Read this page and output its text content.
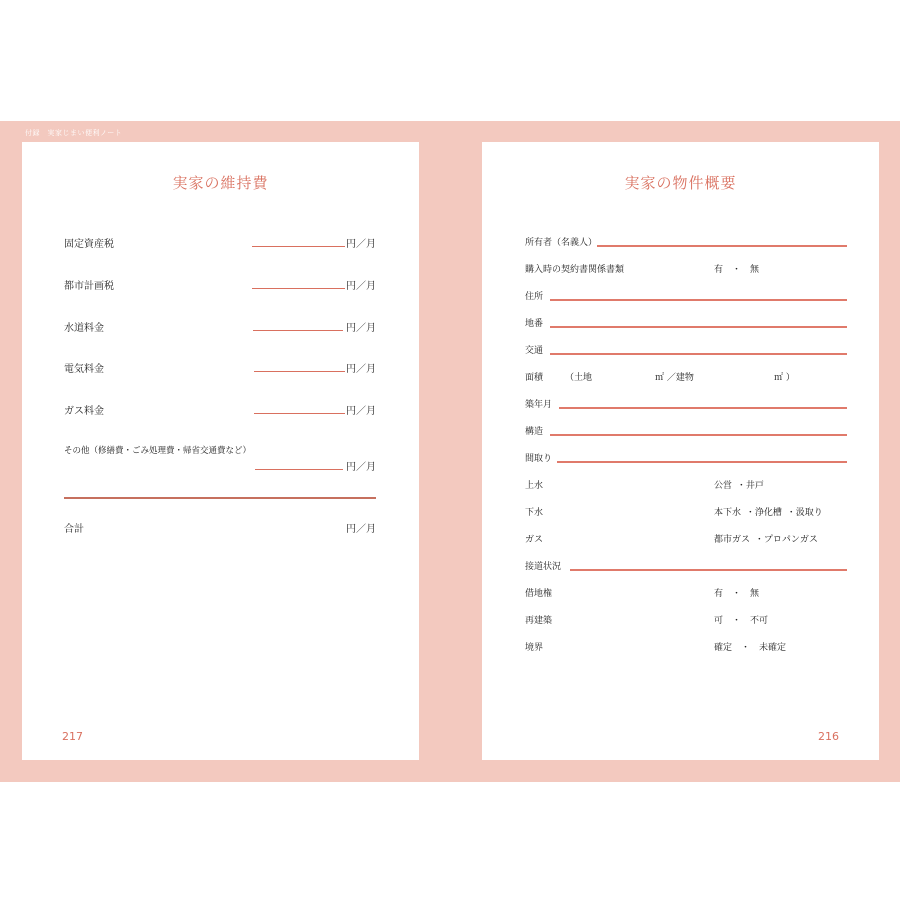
付録　実家じまい便利ノート
実家の維持費
固定資産税	円／月
都市計画税	円／月
水道料金	円／月
電気料金	円／月
ガス料金	円／月
その他（修繕費・ごみ処理費・帰省交通費など）
円／月
合計	円／月
217
実家の物件概要
所有者（名義人）
購入時の契約書関係書類	有　・　無
住所
地番
交通
面積 （土地	㎡ ／建物	㎡ ）
築年月
構造
間取り
上水	公営 ・井戸
下水	本下水 ・浄化槽 ・汲取り
ガス	都市ガス ・プロパンガス
接道状況
借地権	有　・　無
再建築	可　・　不可
境界	確定　・　未確定
216
